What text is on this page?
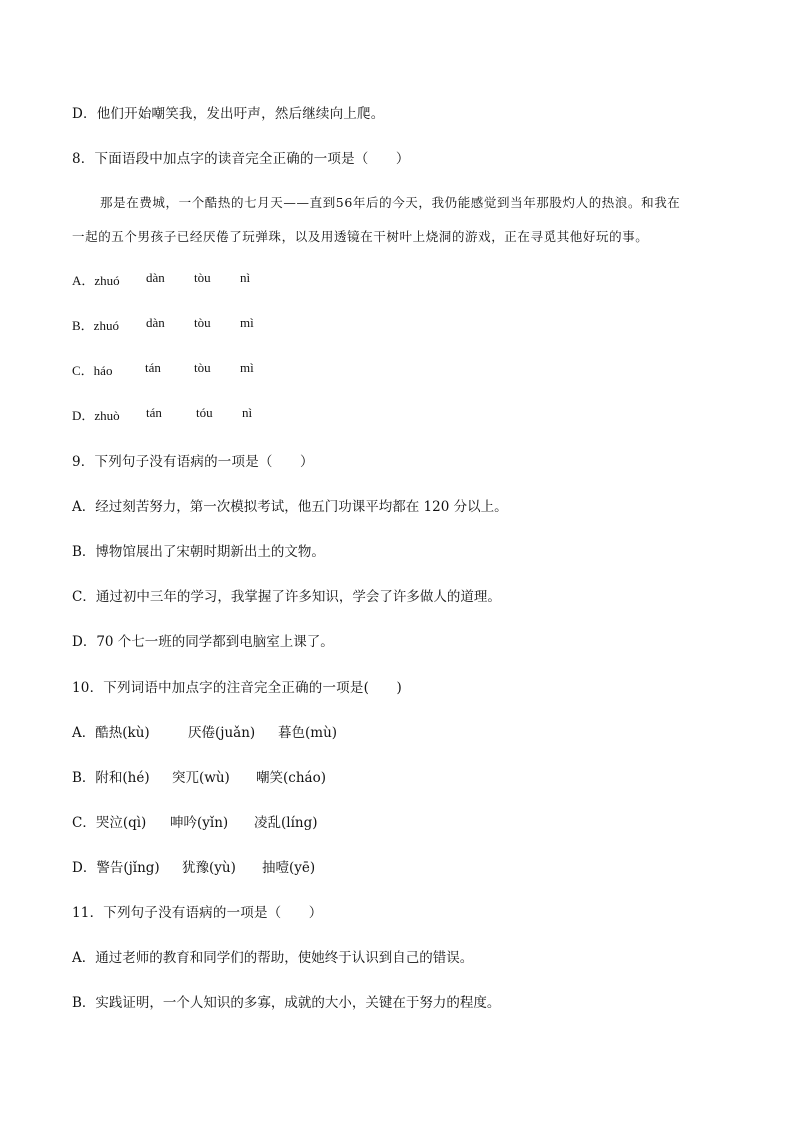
D．他们开始嘲笑我，发出吁声，然后继续向上爬。
8．下面语段中加点字的读音完全正确的一项是（　　）
那是在费城，一个酷热的七月天——直到56年后的今天，我仍能感觉到当年那股灼人的热浪。和我在
一起的五个男孩子已经厌倦了玩弹珠，以及用透镜在干树叶上烧洞的游戏，正在寻觅其他好玩的事。
A．zhuó dàn tòu nì
B．zhuó dàn tòu mì
C．háo	tán	tòu mì
D．zhuò tán	tóu nì
9．下列句子没有语病的一项是（　　）
A．经过刻苦努力，第一次模拟考试，他五门功课平均都在 120 分以上。
B．博物馆展出了宋朝时期新出土的文物。
C．通过初中三年的学习，我掌握了许多知识，学会了许多做人的道理。
D．70 个七一班的同学都到电脑室上课了。
10．下列词语中加点字的注音完全正确的一项是(　　)
A．酷热(kù)	厌倦(juǎn) 暮色(mù)
B．附和(hé) 突兀(wù) 嘲笑(cháo)
C．哭泣(qì) 呻吟(yǐn) 凌乱(líng)
D．警告(jǐng) 犹豫(yù) 抽噎(yē)
11．下列句子没有语病的一项是（　　）
A．通过老师的教育和同学们的帮助，使她终于认识到自己的错误。
B．实践证明，一个人知识的多寡，成就的大小，关键在于努力的程度。
